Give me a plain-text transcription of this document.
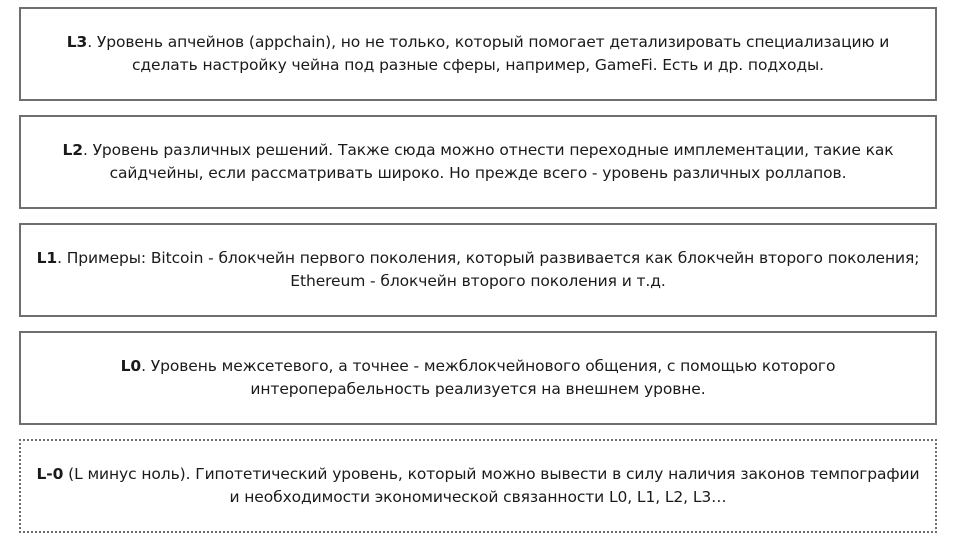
L3. Уровень апчейнов (appchain), но не только, который помогает детализировать специализацию и сделать настройку чейна под разные сферы, например, GameFi. Есть и др. подходы.
L2. Уровень различных решений. Также сюда можно отнести переходные имплементации, такие как сайдчейны, если рассматривать широко. Но прежде всего - уровень различных роллапов.
L1. Примеры: Bitcoin - блокчейн первого поколения, который развивается как блокчейн второго поколения; Ethereum - блокчейн второго поколения и т.д.
L0. Уровень межсетевого, а точнее - межблокчейнового общения, с помощью которого интероперабельность реализуется на внешнем уровне.
L-0 (L минус ноль). Гипотетический уровень, который можно вывести в силу наличия законов темпографии и необходимости экономической связанности L0, L1, L2, L3…
